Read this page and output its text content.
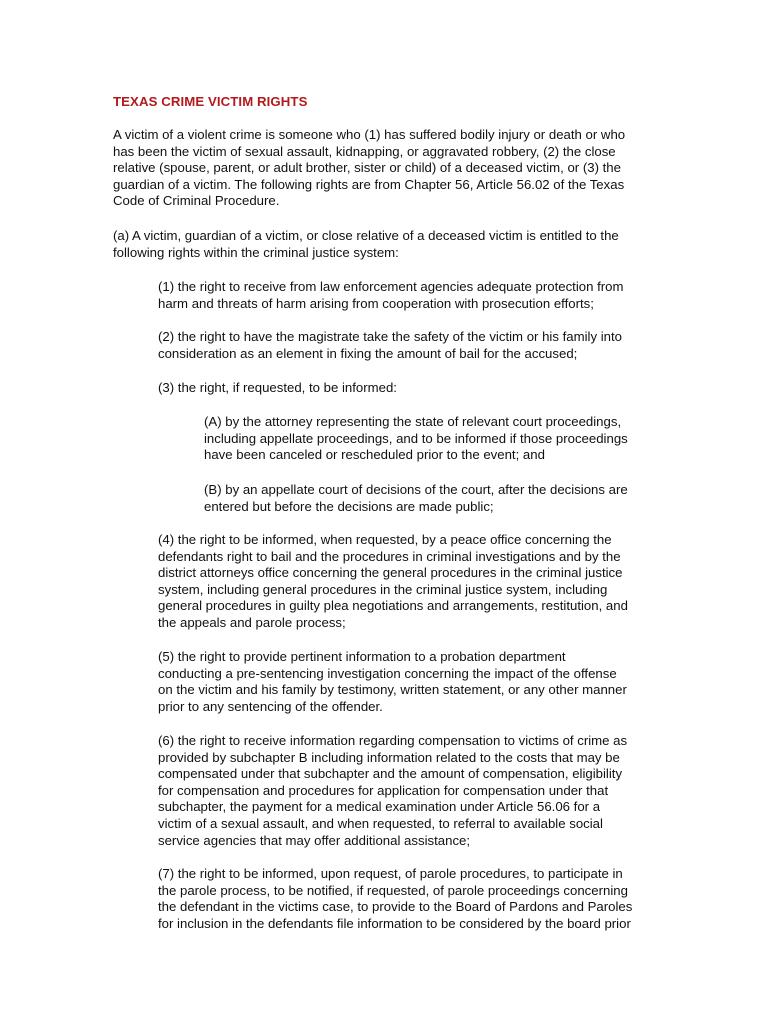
TEXAS CRIME VICTIM RIGHTS

A victim of a violent crime is someone who (1) has suffered bodily injury or death or who
has been the victim of sexual assault, kidnapping, or aggravated robbery, (2) the close
relative (spouse, parent, or adult brother, sister or child) of a deceased victim, or (3) the
guardian of a victim. The following rights are from Chapter 56, Article 56.02 of the Texas
Code of Criminal Procedure.

(a) A victim, guardian of a victim, or close relative of a deceased victim is entitled to the
following rights within the criminal justice system:

(1) the right to receive from law enforcement agencies adequate protection from
harm and threats of harm arising from cooperation with prosecution efforts;

(2) the right to have the magistrate take the safety of the victim or his family into
consideration as an element in fixing the amount of bail for the accused;

(3) the right, if requested, to be informed:

(A) by the attorney representing the state of relevant court proceedings,
including appellate proceedings, and to be informed if those proceedings
have been canceled or rescheduled prior to the event; and

(B) by an appellate court of decisions of the court, after the decisions are
entered but before the decisions are made public;

(4) the right to be informed, when requested, by a peace office concerning the
defendants right to bail and the procedures in criminal investigations and by the
district attorneys office concerning the general procedures in the criminal justice
system, including general procedures in the criminal justice system, including
general procedures in guilty plea negotiations and arrangements, restitution, and
the appeals and parole process;

(5) the right to provide pertinent information to a probation department
conducting a pre-sentencing investigation concerning the impact of the offense
on the victim and his family by testimony, written statement, or any other manner
prior to any sentencing of the offender.

(6) the right to receive information regarding compensation to victims of crime as
provided by subchapter B including information related to the costs that may be
compensated under that subchapter and the amount of compensation, eligibility
for compensation and procedures for application for compensation under that
subchapter, the payment for a medical examination under Article 56.06 for a
victim of a sexual assault, and when requested, to referral to available social
service agencies that may offer additional assistance;

(7) the right to be informed, upon request, of parole procedures, to participate in
the parole process, to be notified, if requested, of parole proceedings concerning
the defendant in the victims case, to provide to the Board of Pardons and Paroles
for inclusion in the defendants file information to be considered by the board prior
